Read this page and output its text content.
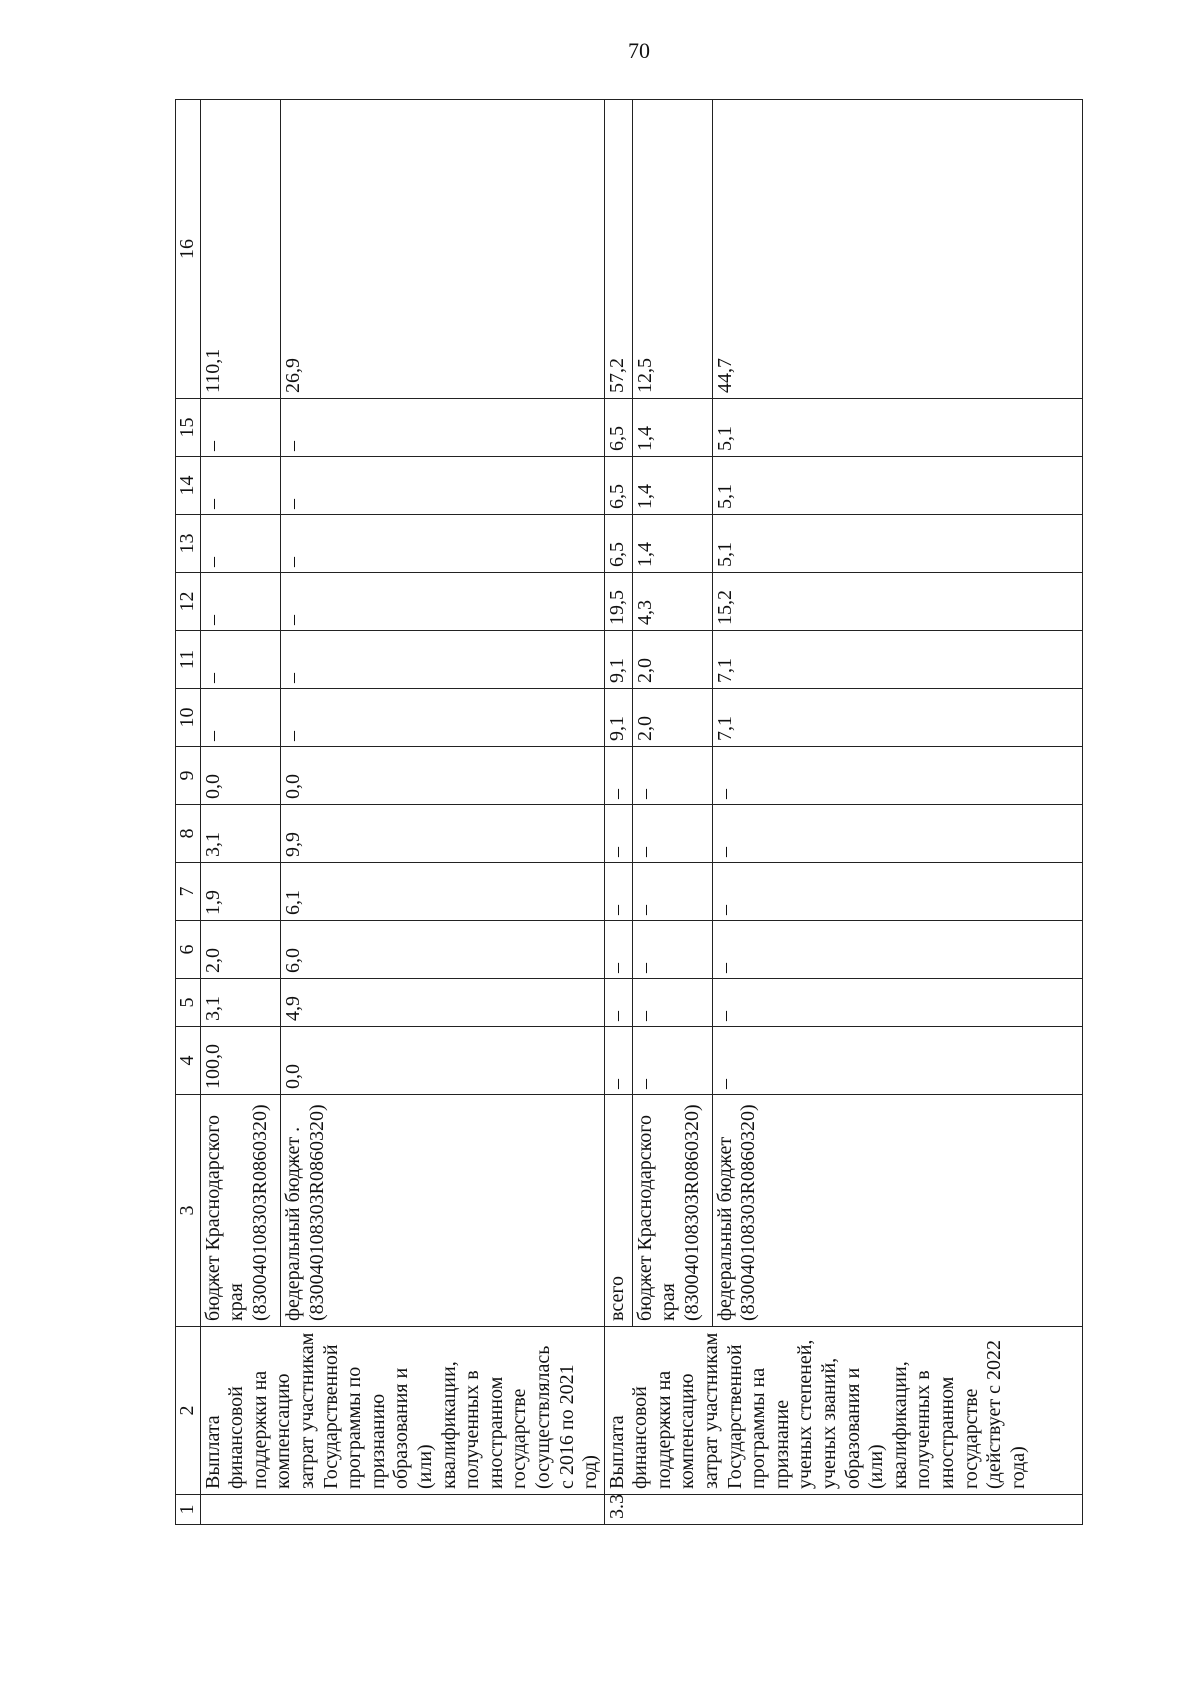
70
1	2	3	4	5	6	7	8	9	10	11	12	13	14	15	16
	Выплата финансовой поддержки на компенсацию затрат участникам Государственной программы по признанию образования и (или) квалификации, полученных в иностранном государстве (осуществлялась с 2016 по 2021 год)	бюджет Краснодарского края (830040108303R0860320)	100,0	3,1	2,0	1,9	3,1	0,0	–	–	–	–	–	–	110,1
		федеральный бюджет . (830040108303R0860320)	0,0	4,9	6,0	6,1	9,9	0,0	–	–	–	–	–	–	26,9
3.3	Выплата финансовой поддержки на компенсацию затрат участникам Государственной программы на признание ученых степеней, ученых званий, образования и (или) квалификации, полученных в иностранном государстве (действует с 2022 года)	всего	–	–	–	–	–	–	9,1	9,1	19,5	6,5	6,5	6,5	57,2
		бюджет Краснодарского края (830040108303R0860320)	–	–	–	–	–	–	2,0	2,0	4,3	1,4	1,4	1,4	12,5
		федеральный бюджет (830040108303R0860320)	–	–	–	–	–	–	7,1	7,1	15,2	5,1	5,1	5,1	44,7
